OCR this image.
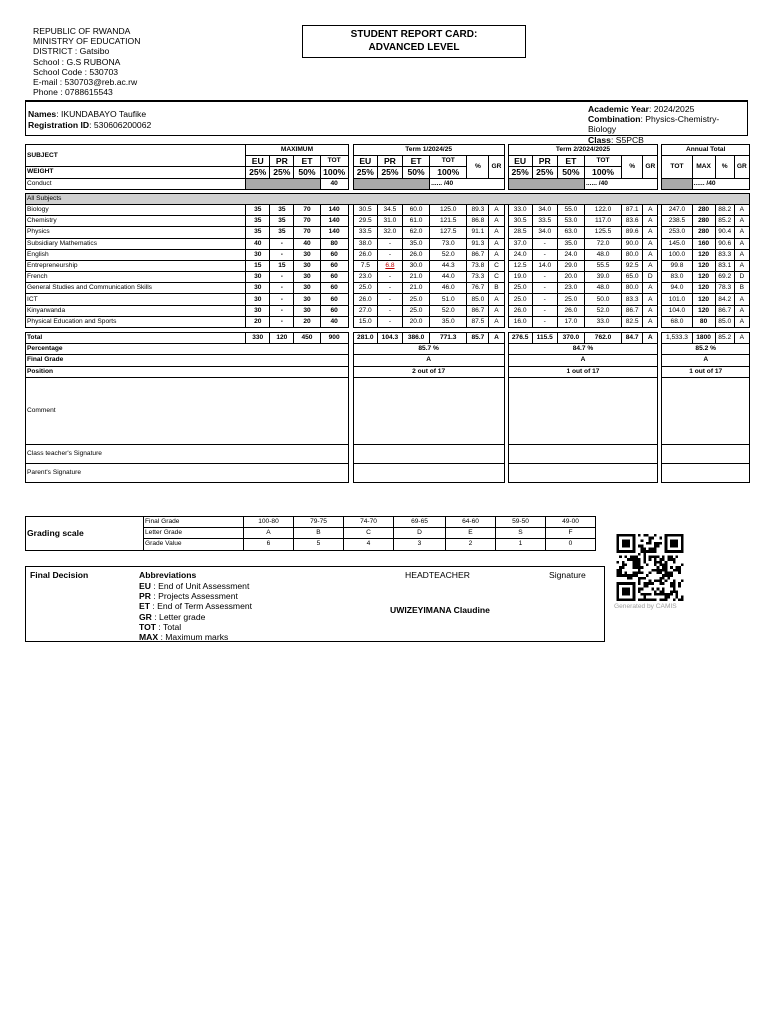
REPUBLIC OF RWANDA
MINISTRY OF EDUCATION
DISTRICT : Gatsibo
School : G.S RUBONA
School Code : 530703
E-mail : 530703@reb.ac.rw
Phone : 0788615543
STUDENT REPORT CARD:
ADVANCED LEVEL
Names: IKUNDABAYO Taufike
Registration ID: 530606200062
Academic Year: 2024/2025
Combination: Physics-Chemistry-Biology
Class: S5PCB
SUBJECT	MAXIMUM					Term 1/2024/25							Term 2/2024/2025							Annual Total			
	EU	PR	ET	TOT		EU	PR	ET	TOT	%	GR		EU	PR	ET	TOT	%	GR		TOT	MAX	%	GR
WEIGHT	25%	25%	50%	100%		25%	25%	50%	100%				25%	25%	50%	100%							
Conduct				40					...... /40							...... /40					...... /40		

All Subjects																							
Biology	35	35	70	140		30.5	34.5	60.0	125.0	89.3	A		33.0	34.0	55.0	122.0	87.1	A		247.0	280	88.2	A
Chemistry	35	35	70	140		29.5	31.0	61.0	121.5	86.8	A		30.5	33.5	53.0	117.0	83.6	A		238.5	280	85.2	A
Physics	35	35	70	140		33.5	32.0	62.0	127.5	91.1	A		28.5	34.0	63.0	125.5	89.6	A		253.0	280	90.4	A
Subsidiary Mathematics	40	-	40	80		38.0	-	35.0	73.0	91.3	A		37.0	-	35.0	72.0	90.0	A		145.0	160	90.6	A
English	30	-	30	60		26.0	-	26.0	52.0	86.7	A		24.0	-	24.0	48.0	80.0	A		100.0	120	83.3	A
Entrepreneurship	15	15	30	60		7.5	6.8	30.0	44.3	73.8	C		12.5	14.0	29.0	55.5	92.5	A		99.8	120	83.1	A
French	30	-	30	60		23.0	-	21.0	44.0	73.3	C		19.0	-	20.0	39.0	65.0	D		83.0	120	69.2	D
General Studies and Communication Skills	30	-	30	60		25.0	-	21.0	46.0	76.7	B		25.0	-	23.0	48.0	80.0	A		94.0	120	78.3	B
ICT	30	-	30	60		26.0	-	25.0	51.0	85.0	A		25.0	-	25.0	50.0	83.3	A		101.0	120	84.2	A
Kinyarwanda	30	-	30	60		27.0	-	25.0	52.0	86.7	A		26.0	-	26.0	52.0	86.7	A		104.0	120	86.7	A
Physical Education and Sports	20	-	20	40		15.0	-	20.0	35.0	87.5	A		16.0	-	17.0	33.0	82.5	A		68.0	80	85.0	A

Total	330	120	450	900		281.0	104.3	386.0	771.3	85.7	A		276.5	115.5	370.0	762.0	84.7	A		1,533.3	1800	85.2	A
Percentage						85.7 %							84.7 %							85.2 %			
Final Grade						A							A							A			
Position						2 out of 17							1 out of 17							1 out of 17			
Comment																							
Class teacher's Signature																							
Parent's Signature																							
Grading scale	Final Grade	100-80	79-75	74-70	69-65	64-60	59-50	49-00
	Letter Grade	A	B	C	D	E	S	F
	Grade Value	6	5	4	3	2	1	0
Final Decision	Abbreviations
EU : End of Unit Assessment
PR : Projects Assessment
ET : End of Term Assessment
GR : Letter grade
TOT : Total
MAX : Maximum marks
HEADTEACHER	Signature
UWIZEYIMANA Claudine	Generated by CAMIS
